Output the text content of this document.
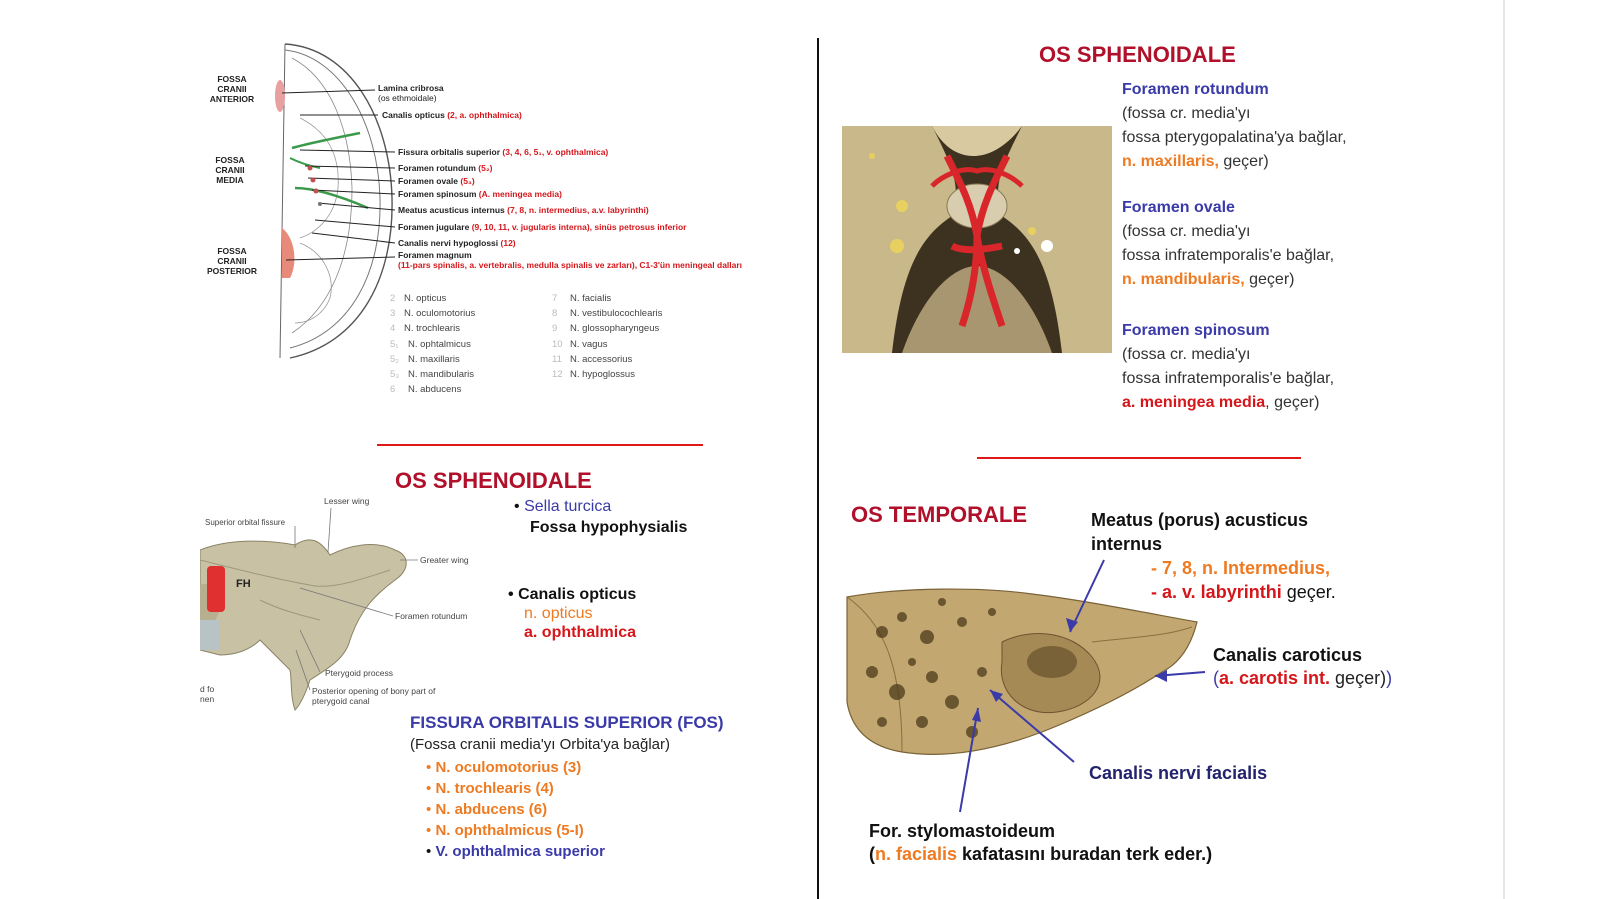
FOSSA CRANII ANTERIOR
FOSSA CRANII MEDIA
FOSSA CRANII POSTERIOR
Lamina cribrosa
(os ethmoidale)
Canalis opticus (2, a. ophthalmica)
Fissura orbitalis superior (3, 4, 6, 5₁, v. ophthalmica)
Foramen rotundum (5₂)
Foramen ovale (5₃)
Foramen spinosum (A. meningea media)
Meatus acusticus internus (7, 8, n. intermedius, a.v. labyrinthi)
Foramen jugulare (9, 10, 11, v. jugularis interna), sinüs petrosus inferior
Canalis nervi hypoglossi (12)
Foramen magnum
(11-pars spinalis, a. vertebralis, medulla spinalis ve zarları), C1-3'ün meningeal dalları
2 N. opticus
3 N. oculomotorius
4 N. trochlearis
5₁ N. ophtalmicus
5₂ N. maxillaris
5₃ N. mandibularis
6 N. abducens
7 N. facialis
8 N. vestibulocochlearis
9 N. glossopharyngeus
10 N. vagus
11 N. accessorius
12 N. hypoglossus
OS SPHENOIDALE
Lesser wing
Superior orbital fissure
Greater wing
FH
Foramen rotundum
Pterygoid process
Posterior opening of bony part of
pterygoid canal
d fo
nen
• Sella turcica
Fossa hypophysialis
• Canalis opticus
n. opticus
a. ophthalmica
FISSURA ORBITALIS SUPERIOR (FOS)
(Fossa cranii media'yı Orbita'ya bağlar)
• N. oculomotorius (3)
• N. trochlearis (4)
• N. abducens (6)
• N. ophthalmicus (5-I)
• V. ophthalmica superior
OS SPHENOIDALE
Foramen rotundum
(fossa cr. media'yı
fossa pterygopalatina'ya bağlar,
n. maxillaris, geçer)
Foramen ovale
(fossa cr. media'yı
fossa infratemporalis'e bağlar,
n. mandibularis, geçer)
Foramen spinosum
(fossa cr. media'yı
fossa infratemporalis'e bağlar,
a. meningea media, geçer)
OS TEMPORALE	Meatus (porus) acusticus
internus
- 7, 8, n. Intermedius,
- a. v. labyrinthi geçer.
Canalis caroticus
(a. carotis int. geçer))
Canalis nervi facialis
For. stylomastoideum
(n. facialis kafatasını buradan terk eder.)
